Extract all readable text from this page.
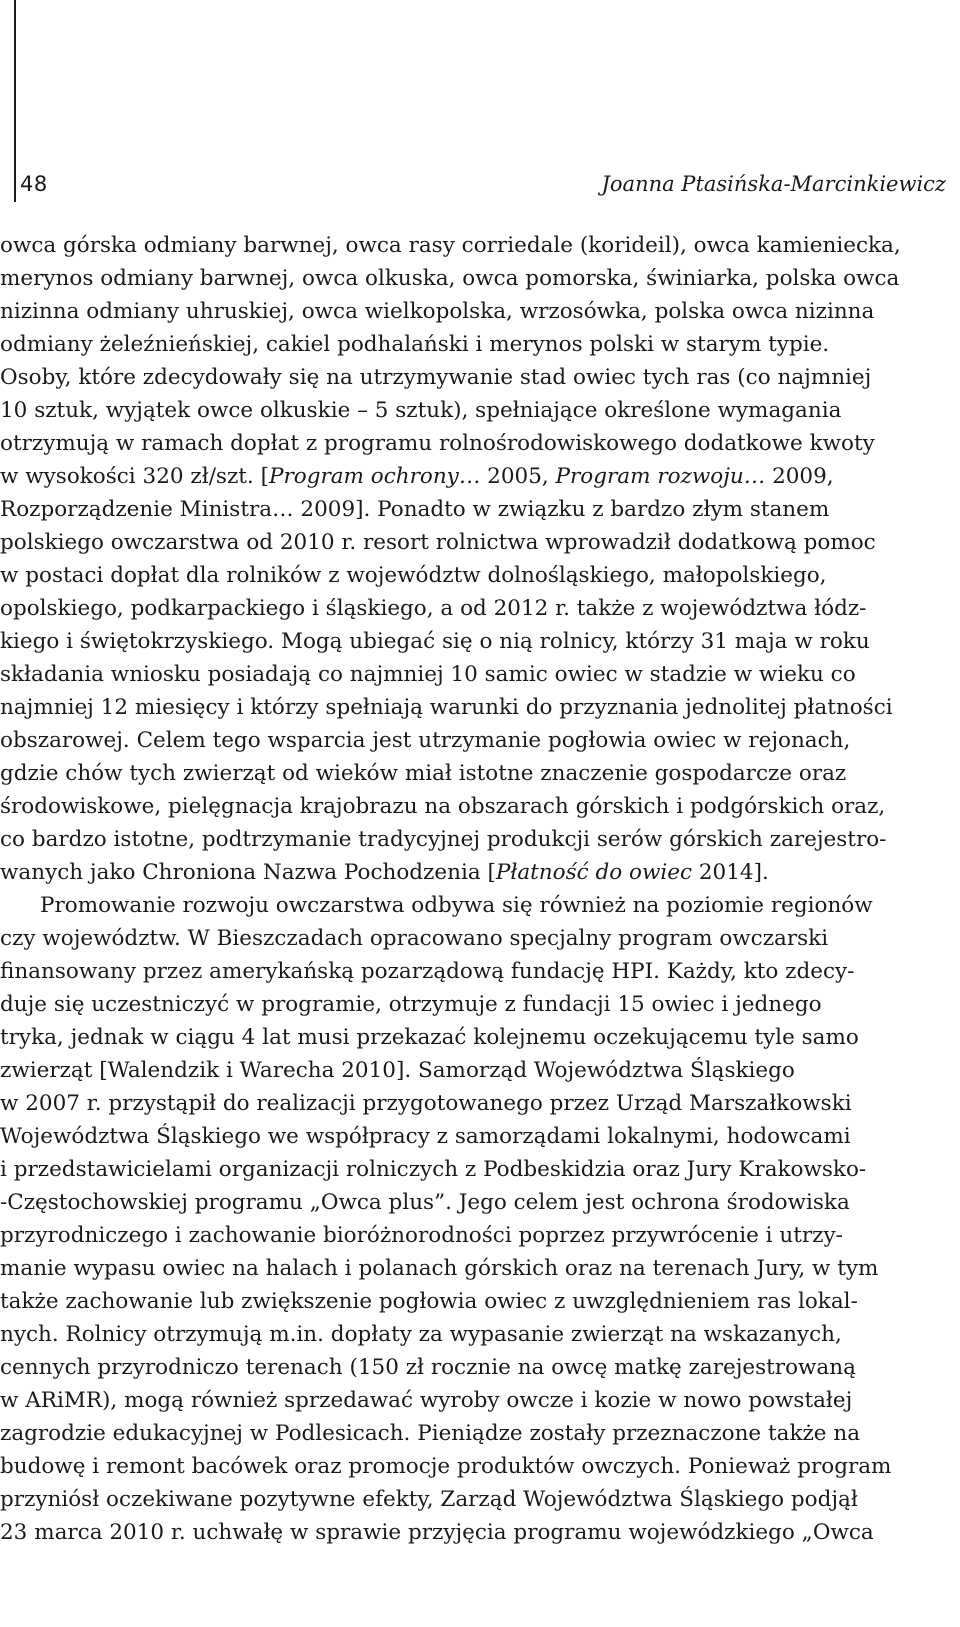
48	Joanna Ptasińska-Marcinkiewicz
owca górska odmiany barwnej, owca rasy corriedale (korideil), owca kamieniecka,
merynos odmiany barwnej, owca olkuska, owca pomorska, świniarka, polska owca
nizinna odmiany uhruskiej, owca wielkopolska, wrzosówka, polska owca nizinna
odmiany żeleźnieńskiej, cakiel podhalański i merynos polski w starym typie.
Osoby, które zdecydowały się na utrzymywanie stad owiec tych ras (co najmniej
10 sztuk, wyjątek owce olkuskie – 5 sztuk), spełniające określone wymagania
otrzymują w ramach dopłat z programu rolnośrodowiskowego dodatkowe kwoty
w wysokości 320 zł/szt. [Program ochrony… 2005, Program rozwoju… 2009,
Rozporządzenie Ministra… 2009]. Ponadto w związku z bardzo złym stanem
polskiego owczarstwa od 2010 r. resort rolnictwa wprowadził dodatkową pomoc
w postaci dopłat dla rolników z województw dolnośląskiego, małopolskiego,
opolskiego, podkarpackiego i śląskiego, a od 2012 r. także z województwa łódz-
kiego i świętokrzyskiego. Mogą ubiegać się o nią rolnicy, którzy 31 maja w roku
składania wniosku posiadają co najmniej 10 samic owiec w stadzie w wieku co
najmniej 12 miesięcy i którzy spełniają warunki do przyznania jednolitej płatności
obszarowej. Celem tego wsparcia jest utrzymanie pogłowia owiec w rejonach,
gdzie chów tych zwierząt od wieków miał istotne znaczenie gospodarcze oraz
środowiskowe, pielęgnacja krajobrazu na obszarach górskich i podgórskich oraz,
co bardzo istotne, podtrzymanie tradycyjnej produkcji serów górskich zarejestro-
wanych jako Chroniona Nazwa Pochodzenia [Płatność do owiec 2014].
Promowanie rozwoju owczarstwa odbywa się również na poziomie regionów
czy województw. W Bieszczadach opracowano specjalny program owczarski
finansowany przez amerykańską pozarządową fundację HPI. Każdy, kto zdecy-
duje się uczestniczyć w programie, otrzymuje z fundacji 15 owiec i jednego
tryka, jednak w ciągu 4 lat musi przekazać kolejnemu oczekującemu tyle samo
zwierząt [Walendzik i Warecha 2010]. Samorząd Województwa Śląskiego
w 2007 r. przystąpił do realizacji przygotowanego przez Urząd Marszałkowski
Województwa Śląskiego we współpracy z samorządami lokalnymi, hodowcami
i przedstawicielami organizacji rolniczych z Podbeskidzia oraz Jury Krakowsko-
-Częstochowskiej programu „Owca plus”. Jego celem jest ochrona środowiska
przyrodniczego i zachowanie bioróżnorodności poprzez przywrócenie i utrzy-
manie wypasu owiec na halach i polanach górskich oraz na terenach Jury, w tym
także zachowanie lub zwiększenie pogłowia owiec z uwzględnieniem ras lokal-
nych. Rolnicy otrzymują m.in. dopłaty za wypasanie zwierząt na wskazanych,
cennych przyrodniczo terenach (150 zł rocznie na owcę matkę zarejestrowaną
w ARiMR), mogą również sprzedawać wyroby owcze i kozie w nowo powstałej
zagrodzie edukacyjnej w Podlesicach. Pieniądze zostały przeznaczone także na
budowę i remont bacówek oraz promocje produktów owczych. Ponieważ program
przyniósł oczekiwane pozytywne efekty, Zarząd Województwa Śląskiego podjął
23 marca 2010 r. uchwałę w sprawie przyjęcia programu wojewódzkiego „Owca
